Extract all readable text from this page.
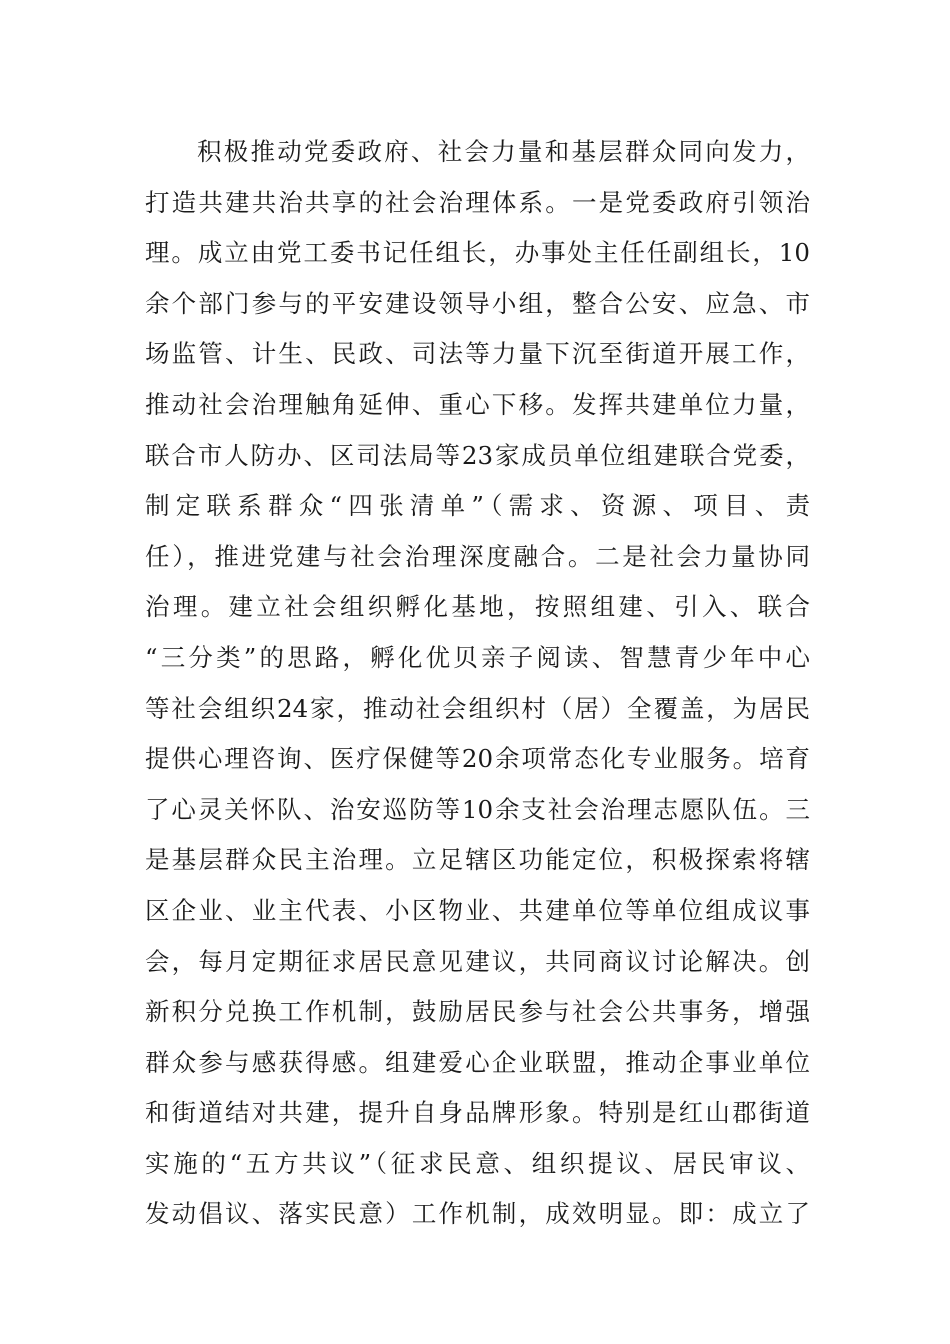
积极推动党委政府、社会力量和基层群众同向发力，
打造共建共治共享的社会治理体系。一是党委政府引领治
理。成立由党工委书记任组长，办事处主任任副组长，10
余个部门参与的平安建设领导小组，整合公安、应急、市
场监管、计生、民政、司法等力量下沉至街道开展工作，
推动社会治理触角延伸、重心下移。发挥共建单位力量，
联合市人防办、区司法局等23家成员单位组建联合党委，
制定联系群众“四张清单”（需求、资源、项目、责
任），推进党建与社会治理深度融合。二是社会力量协同
治理。建立社会组织孵化基地，按照组建、引入、联合
“三分类”的思路，孵化优贝亲子阅读、智慧青少年中心
等社会组织24家，推动社会组织村（居）全覆盖，为居民
提供心理咨询、医疗保健等20余项常态化专业服务。培育
了心灵关怀队、治安巡防等10余支社会治理志愿队伍。三
是基层群众民主治理。立足辖区功能定位，积极探索将辖
区企业、业主代表、小区物业、共建单位等单位组成议事
会，每月定期征求居民意见建议，共同商议讨论解决。创
新积分兑换工作机制，鼓励居民参与社会公共事务，增强
群众参与感获得感。组建爱心企业联盟，推动企事业单位
和街道结对共建，提升自身品牌形象。特别是红山郡街道
实施的“五方共议”（征求民意、组织提议、居民审议、
发动倡议、落实民意）工作机制，成效明显。即：成立了
